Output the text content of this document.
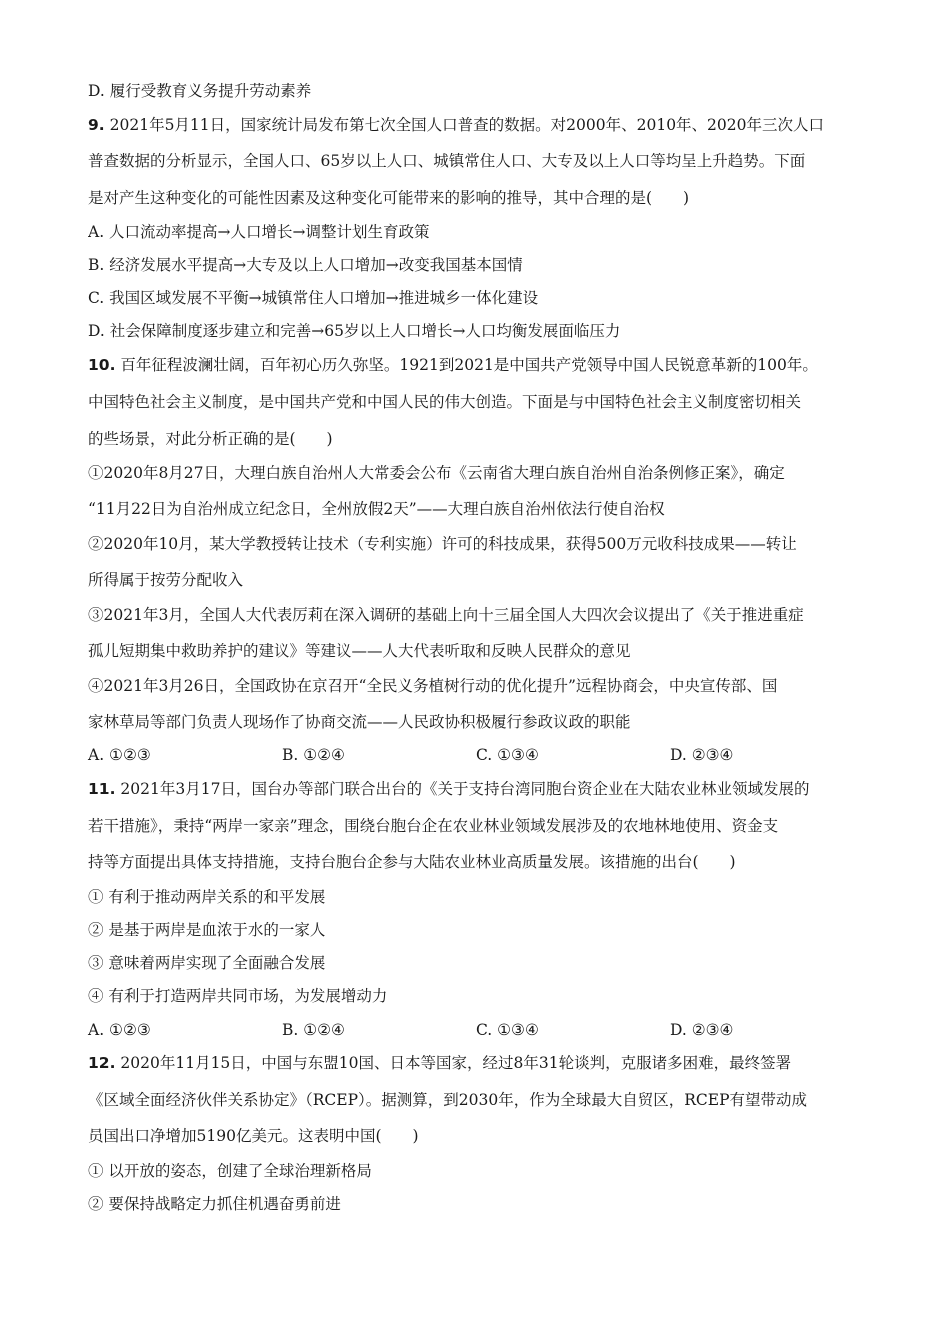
D. 履行受教育义务提升劳动素养
9. 2021年5月11日，国家统计局发布第七次全国人口普查的数据。对2000年、2010年、2020年三次人口
普查数据的分析显示，全国人口、65岁以上人口、城镇常住人口、大专及以上人口等均呈上升趋势。下面
是对产生这种变化的可能性因素及这种变化可能带来的影响的推导，其中合理的是(　　)
A. 人口流动率提高→人口增长→调整计划生育政策
B. 经济发展水平提高→大专及以上人口增加→改变我国基本国情
C. 我国区域发展不平衡→城镇常住人口增加→推进城乡一体化建设
D. 社会保障制度逐步建立和完善→65岁以上人口增长→人口均衡发展面临压力
10. 百年征程波澜壮阔，百年初心历久弥坚。1921到2021是中国共产党领导中国人民锐意革新的100年。
中国特色社会主义制度，是中国共产党和中国人民的伟大创造。下面是与中国特色社会主义制度密切相关
的些场景，对此分析正确的是(　　)
①2020年8月27日，大理白族自治州人大常委会公布《云南省大理白族自治州自治条例修正案》，确定
“11月22日为自治州成立纪念日，全州放假2天”——大理白族自治州依法行使自治权
②2020年10月，某大学教授转让技术（专利实施）许可的科技成果，获得500万元收科技成果——转让
所得属于按劳分配收入
③2021年3月，全国人大代表厉莉在深入调研的基础上向十三届全国人大四次会议提出了《关于推进重症
孤儿短期集中救助养护的建议》等建议——人大代表听取和反映人民群众的意见
④2021年3月26日，全国政协在京召开“全民义务植树行动的优化提升”远程协商会，中央宣传部、国
家林草局等部门负责人现场作了协商交流——人民政协积极履行参政议政的职能
A. ①②③	B. ①②④	C. ①③④	D. ②③④
11. 2021年3月17日，国台办等部门联合出台的《关于支持台湾同胞台资企业在大陆农业林业领域发展的
若干措施》，秉持“两岸一家亲”理念，围绕台胞台企在农业林业领域发展涉及的农地林地使用、资金支
持等方面提出具体支持措施，支持台胞台企参与大陆农业林业高质量发展。该措施的出台(　　)
① 有利于推动两岸关系的和平发展
② 是基于两岸是血浓于水的一家人
③ 意味着两岸实现了全面融合发展
④ 有利于打造两岸共同市场，为发展增动力
A. ①②③	B. ①②④	C. ①③④	D. ②③④
12. 2020年11月15日，中国与东盟10国、日本等国家，经过8年31轮谈判，克服诸多困难，最终签署
《区域全面经济伙伴关系协定》（RCEP）。据测算，到2030年，作为全球最大自贸区，RCEP有望带动成
员国出口净增加5190亿美元。这表明中国(　　)
① 以开放的姿态，创建了全球治理新格局
② 要保持战略定力抓住机遇奋勇前进
